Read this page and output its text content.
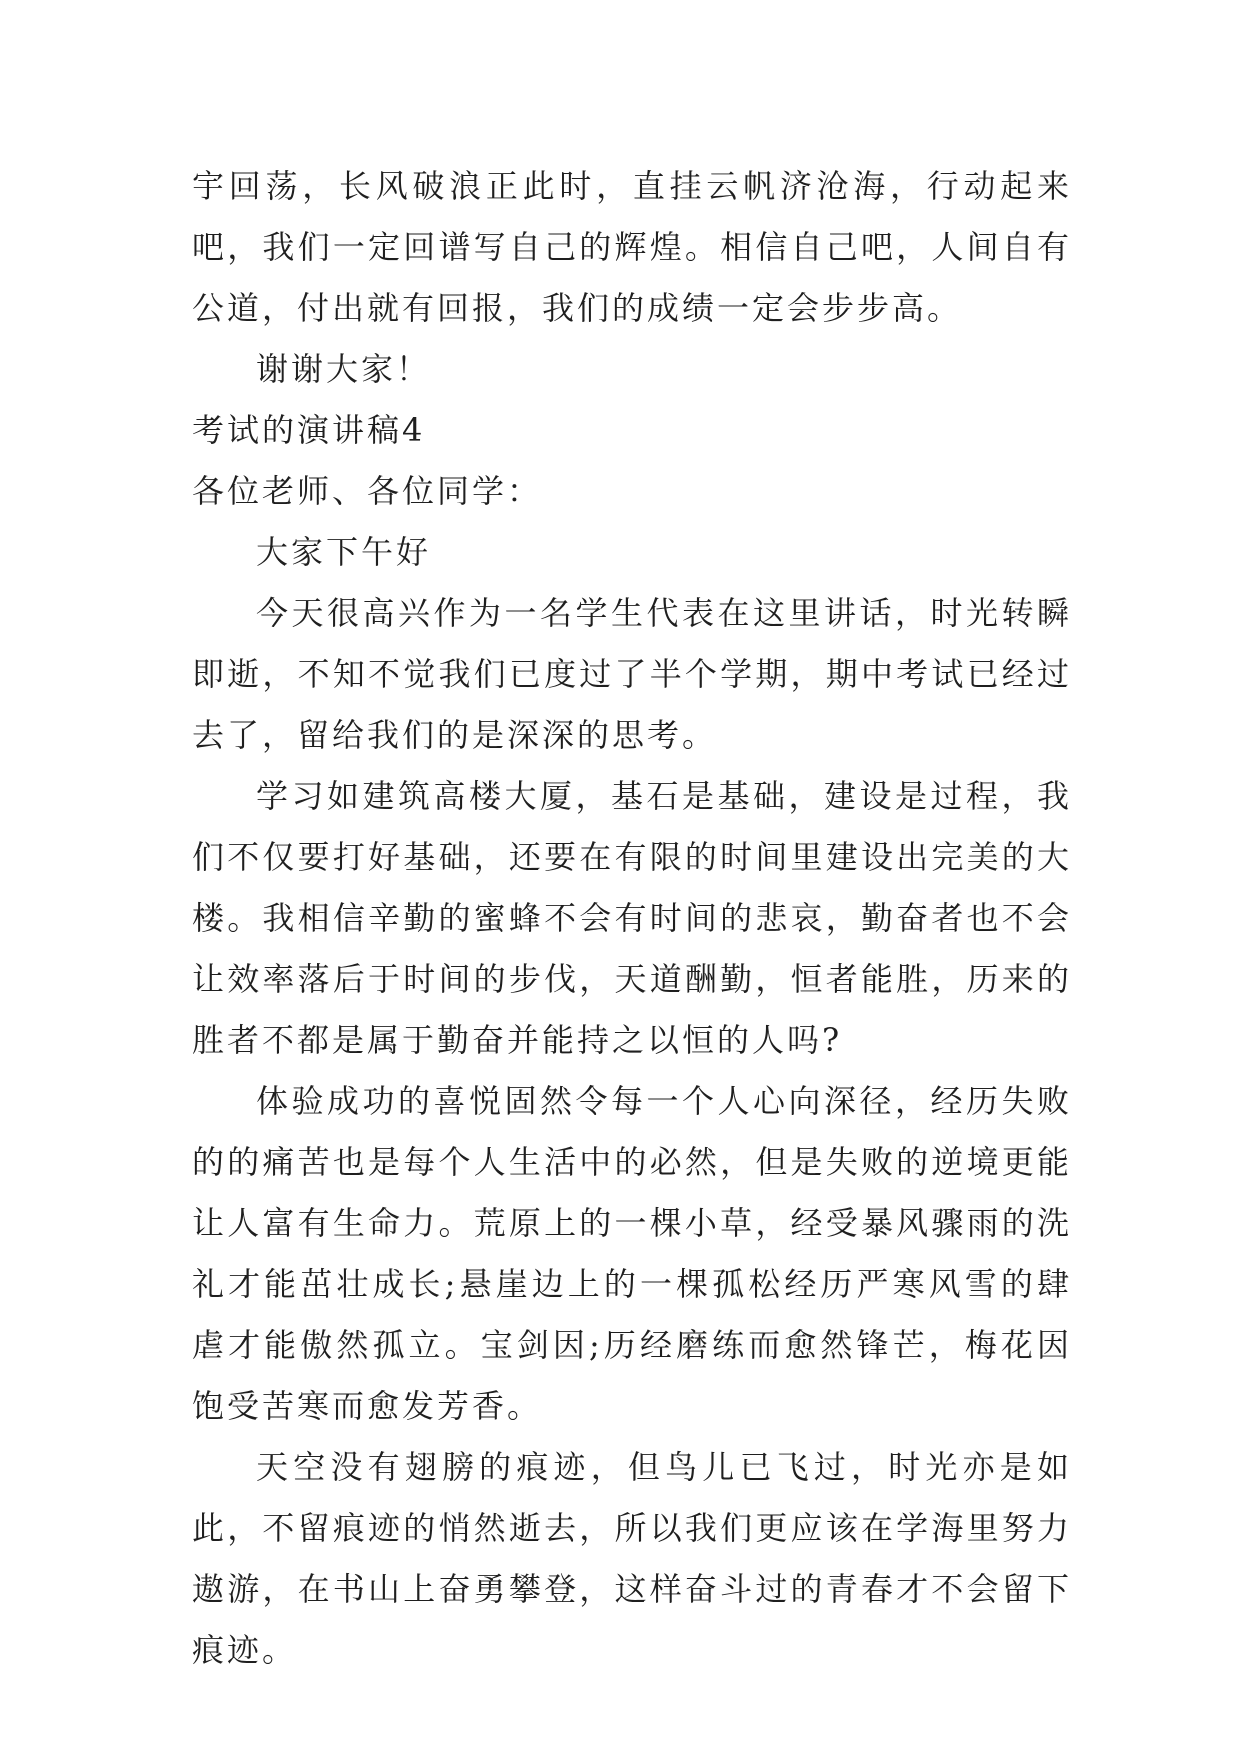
宇回荡，长风破浪正此时，直挂云帆济沧海，行动起来吧，我们一定回谱写自己的辉煌。相信自己吧，人间自有公道，付出就有回报，我们的成绩一定会步步高。

谢谢大家！

考试的演讲稿4

各位老师、各位同学：

大家下午好

今天很高兴作为一名学生代表在这里讲话，时光转瞬即逝，不知不觉我们已度过了半个学期，期中考试已经过去了，留给我们的是深深的思考。

学习如建筑高楼大厦，基石是基础，建设是过程，我们不仅要打好基础，还要在有限的时间里建设出完美的大楼。我相信辛勤的蜜蜂不会有时间的悲哀，勤奋者也不会让效率落后于时间的步伐，天道酬勤，恒者能胜，历来的胜者不都是属于勤奋并能持之以恒的人吗?

体验成功的喜悦固然令每一个人心向深径，经历失败的的痛苦也是每个人生活中的必然，但是失败的逆境更能让人富有生命力。荒原上的一棵小草，经受暴风骤雨的洗礼才能茁壮成长;悬崖边上的一棵孤松经历严寒风雪的肆虐才能傲然孤立。宝剑因;历经磨练而愈然锋芒，梅花因饱受苦寒而愈发芳香。

天空没有翅膀的痕迹，但鸟儿已飞过，时光亦是如此，不留痕迹的悄然逝去，所以我们更应该在学海里努力遨游，在书山上奋勇攀登，这样奋斗过的青春才不会留下痕迹。
